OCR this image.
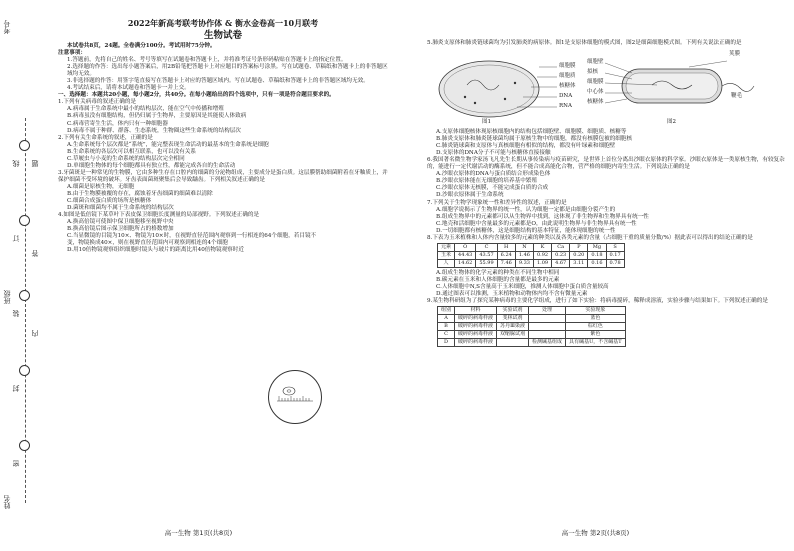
考号
班级
姓名
线
订
装
封
密
题
答
内
2022年新高考联考协作体 & 衡水金卷高一10月联考
生物试卷
本试卷共8页，24题。全卷满分100分。考试用时75分钟。
注意事项：
1.答题前，先将自己的姓名、考号等填写在试题卷和答题卡上，并将准考证号条形码粘贴在答题卡上的指定位置。
2.选择题的作答：选出每小题答案后，用2B铅笔把答题卡上对应题目的答案标号涂黑。写在试题卷、草稿纸和答题卡上的非答题区域均无效。
3.非选择题的作答：用签字笔直接写在答题卡上对应的答题区域内。写在试题卷、草稿纸和答题卡上的非答题区域均无效。
4.考试结束后，请将本试题卷和答题卡一并上交。
一、选择题：本题共20小题，每小题2分，共40分。在每小题给出的四个选项中，只有一项是符合题目要求的。

1.下列有关病毒的叙述正确的是

A.病毒属于生命系统中最小的结构层次，能在空气中传播和增殖

B.病毒虽没有细胞结构，但仍归属于生物界，主要原因是其能使人体致病

C.病毒营寄生生活，体内只有一种细胞器

D.病毒不属于种群、群落、生态系统，生物圈这些生命系统的结构层次

2.下列有关生命系统的叙述，正确的是

A.生命系统每个层次都是“系统”，能完整表现生命活动的最基本的生命系统是细胞

B.生命系统的各层次可以相互联系，也可以没有关系

C.草履虫与小麦的生命系统的结构层次完全相同

D.单细胞生物体的每个细胞都具有独立性，都能完成各自的生命活动

3.牙菌斑是一种常见的生物膜，它由多种生存在口腔内的细菌的分泌物组成，主要成分是蛋白质。这层膜帮助细菌附着在牙釉质上，并保护细菌不受坏境的破坏。牙齿表面菌斑聚集后会导致龋齿。下列相关叙述正确的是

A.细菌是原核生物，无细胞

B.由于生物膜被覆的存在，腐蚀着牙齿细菌的细菌难以清除

C.细菌合成蛋白质的场所是核糖体

D.菌斑和细菌均不属于生命系统的结构层次

4.如图是低倍镜下某草叶下表皮保卫细胞长度测量的局部视野。下列叙述正确的是

A.换高倍镜可使图中保卫细胞移至视野中央

B.换高倍镜后图示保卫细胞所占的格数增加

C.当显微镜的目镜为10×、物镜为10×时，在视野直径范围内观察到一行相连的64个细胞，若目镜不变，物镜换成40×，则在视野直径范围内可观察到相连的4个细胞

D.用10倍物镜观察组织细胞时镜头与玻片的距离比用40倍物镜观察时近

高一生物 第1页(共8页)

5.肺炎支原体和肺炎链球菌均为引发肺炎的病原体。图1是支原体细胞的模式图，图2是细菌细胞模式图。下列有关说法正确的是

细胞膜
细胞质
核糖体
DNA
RNA
细胞壁
拟核
细胞膜
中心体
核糖体
荚膜
鞭毛
图1	图2

A.支原体细胞核体现原核细胞内的结构包括细胞壁、细胞膜、细胞质、核糖等

B.肺炎支原体和肺炎链球菌均属于原核生物中的细胞，都没有核膜包被的细胞核

C.肺炎链球菌和支原体与真核细胞有相似的结构，都没有叶绿素和细胞壁

D.支原体的DNA分子不可能与核糖体直接接触

6.我国著名微生物学家汤飞凡先生长期从事传染病与疫苗研究，是世界上首位分离出沙眼衣原体的科学家。沙眼衣原体是一类原核生物，有较复杂的，能进行一定代谢活动的酶系统，但不能合成高能化合物，营严格的细胞内寄生生活。下列说法正确的是

A.沙眼衣原体的DNA与蛋白质结合形成染色体

B.沙眼衣原体能在无细胞的培养基中繁殖

C.沙眼衣原体无核膜，不能完成蛋白质的合成

D.沙眼衣原体属于生命系统

7.下列关于生物学现象统一性和差异性的叙述，正确的是

A.细胞学说揭示了生物界的统一性，认为细胞一定都是由细胞分裂产生的

B.组成生物界中的元素都可以从生物界中找到，这体现了非生物界和生物界具有统一性

C.地壳和活细胞中含量最多的元素都是O，由此说明生物界与非生物界具有统一性

D.一切细胞都有核糖体，这是细胞结构的基本特征，能体现细胞的统一性

8.下表为玉米植株和人体内含量较多的元素的种类以及各类元素的含量（占细胞干重的质量分数/%）据此表可以得出的结论正确的是

元素	O	C	H	N	K	Ca	P	Mg	S
玉米	44.43	43.57	6.24	1.46	0.92	0.23	0.20	0.18	0.17
人	14.62	55.99	7.46	9.33	1.09	4.67	3.11	0.16	0.78

A.组成生物体的化学元素的种类在不同生物中相同

B.碳元素在玉米和人体细胞的含量都是最多的元素

C.人体细胞中N,S含量高于玉米细胞，推测人体细胞中蛋白质含量较高

D.通过图表可以推测，玉米植物和动物体内均不含有微量元素

9.某生物科研组为了探究某种病毒的主要化学组成，进行了如下实验：将病毒搅碎，稀释成溶液，实验步骤与结果如下。下列叙述正确的是

组别	材料	实验试剂	处理	实验现象
A	破碎的病毒样液	斐林试剂		蓝色
B	破碎的病毒样液	苏丹Ⅲ染液		棕红色
C	破碎的病毒样液	双缩脲试剂		紫色
D	破碎的病毒样液		检测碱基组成	具有碱基U，不含碱基T
高一生物 第2页(共8页)
